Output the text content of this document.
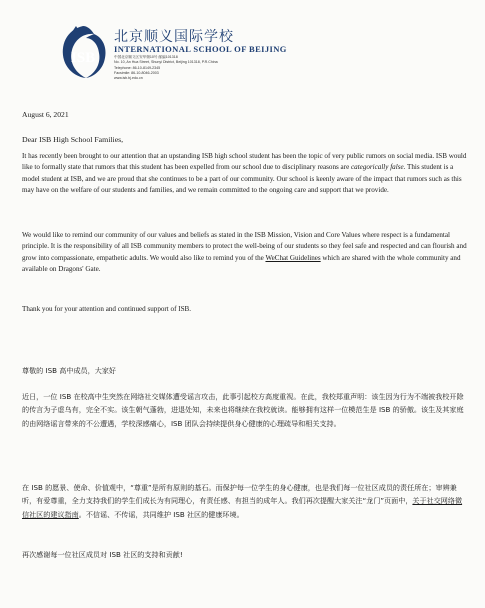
ISB
北京顺义国际学校
INTERNATIONAL SCHOOL OF BEIJING
中国北京顺义区安华街10号 邮编101318
No. 10, An Hua Street, Shunyi District, Beijing 101318, P.R.China
Telephone: 86-10-8149-2345
Facsimile: 86-10-8046-2003
www.isb.bj.edu.cn
August 6, 2021
Dear ISB High School Families,
It has recently been brought to our attention that an upstanding ISB high school student has been the topic of very public rumors on social media. ISB would like to formally state that rumors that this student has been expelled from our school due to disciplinary reasons are categorically false. This student is a model student at ISB, and we are proud that she continues to be a part of our community. Our school is keenly aware of the impact that rumors such as this may have on the welfare of our students and families, and we remain committed to the ongoing care and support that we provide.
We would like to remind our community of our values and beliefs as stated in the ISB Mission, Vision and Core Values where respect is a fundamental principle. It is the responsibility of all ISB community members to protect the well-being of our students so they feel safe and respected and can flourish and grow into compassionate, empathetic adults. We would also like to remind you of the WeChat Guidelines which are shared with the whole community and available on Dragons' Gate.
Thank you for your attention and continued support of ISB.
尊敬的 ISB 高中成员，大家好
近日，一位 ISB 在校高中生突然在网络社交媒体遭受谣言攻击，此事引起校方高度重视。在此，我校郑重声明：该生因为行为不端被我校开除的传言为子虚乌有，完全不实。该生朝气蓬勃，进退处知，未来也将继续在我校就读。能够拥有这样一位模范生是 ISB 的骄傲。该生及其家庭的由网络谣言带来的不公遭遇，学校深感痛心，ISB 团队会持续提供身心健康的心理疏导和相关支持。
在 ISB 的愿景、使命、价值观中，“尊重”是所有原则的基石。而保护每一位学生的身心健康，也是我们每一位社区成员的责任所在；审辨兼听，有爱尊重，全力支持我们的学生们成长为有同理心，有责任感、有担当的成年人。我们再次提醒大家关注“龙门”页面中，关于社交网络微信社区的建议指南。不信谣、不传谣，共同维护 ISB 社区的健康环境。
再次感谢每一位社区成员对 ISB 社区的支持和贡献!
